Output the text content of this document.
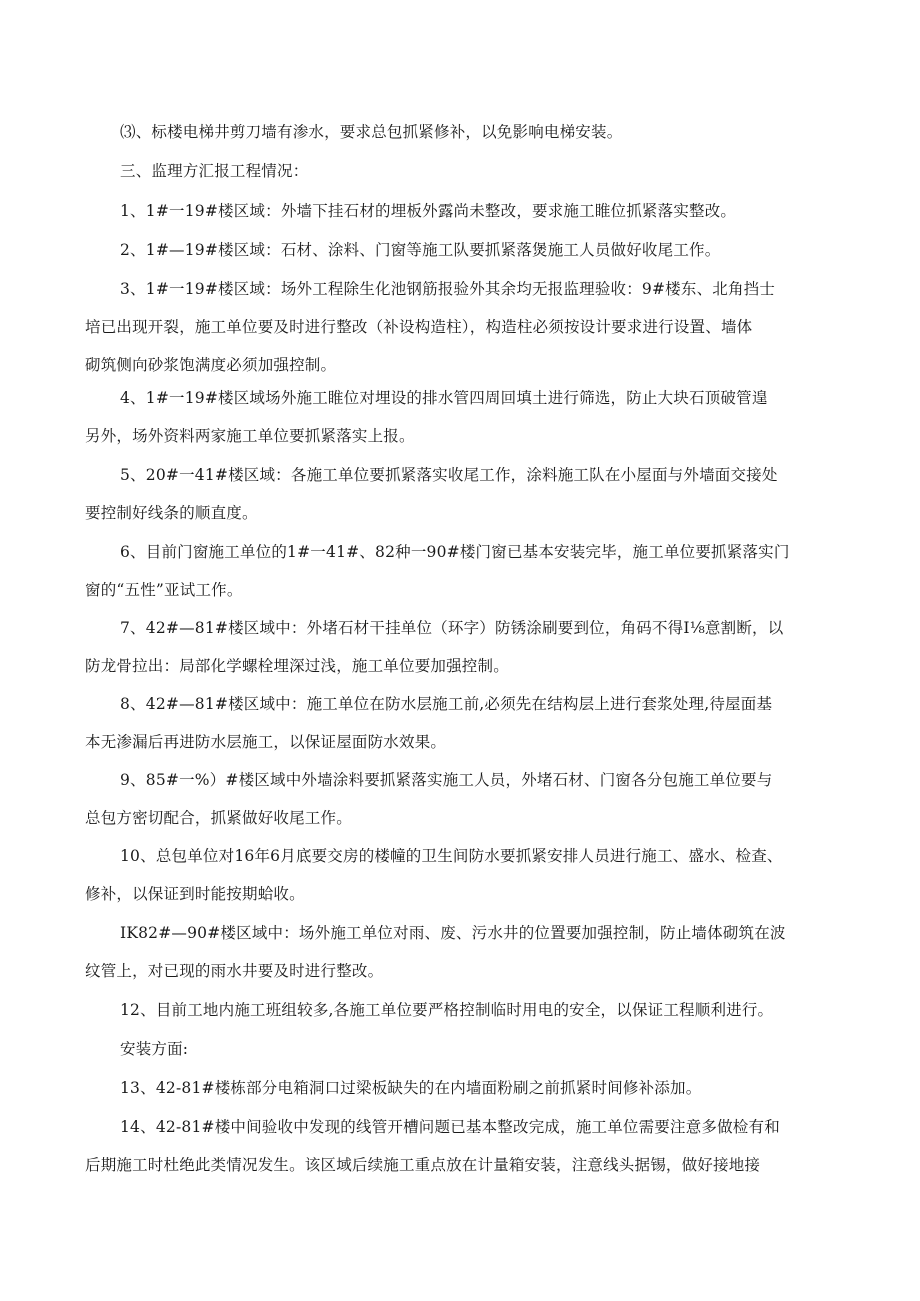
⑶、标楼电梯井剪刀墙有渗水，要求总包抓紧修补，以免影响电梯安装。

三、监理方汇报工程情况：

1、1#一19#楼区域：外墙下挂石材的埋板外露尚未整改，要求施工睢位抓紧落实整改。

2、1#—19#楼区域：石材、涂料、门窗等施工队要抓紧落煲施工人员做好收尾工作。

3、1#一19#楼区域：场外工程除生化池钢筋报验外其余均无报监理验收：9#楼东、北角挡士
培已出现开裂，施工单位要及时进行整改（补设构造柱），构造柱必须按设计要求进行设置、墙体
砌筑侧向砂浆饱满度必须加强控制。

4、1#一19#楼区域场外施工睢位对埋设的排水管四周回填土进行筛选，防止大块石顶破管遑
另外，场外资料两家施工单位要抓紧落实上报。

5、20#一41#楼区域：各施工单位要抓紧落实收尾工作，涂料施工队在小屋面与外墙面交接处
要控制好线条的顺直度。

6、目前门窗施工单位的1#一41#、82种一90#楼门窗已基本安装完毕，施工单位要抓紧落实门
窗的“五性”亚试工作。

7、42#—81#楼区域中：外堵石材干挂单位（环字）防锈涂刷要到位，角码不得I⅛意割断，以
防龙骨拉出：局部化学螺栓埋深过浅，施工单位要加强控制。

8、42#—81#楼区域中：施工单位在防水层施工前,必须先在结构层上进行套浆处理,待屋面基
本无渗漏后再进防水层施工，以保证屋面防水效果。

9、85#一%）#楼区域中外墙涂料要抓紧落实施工人员，外堵石材、门窗各分包施工单位要与
总包方密切配合，抓紧做好收尾工作。

10、总包单位对16年6月底要交房的楼幢的卫生间防水要抓紧安排人员进行施工、盛水、检查、
修补，以保证到时能按期蛤收。

IK82#—90#楼区域中：场外施工单位对雨、废、污水井的位置要加强控制，防止墙体砌筑在波
纹管上，对已现的雨水井要及时进行整改。

12、目前工地内施工班组较多,各施工单位要严格控制临时用电的安全，以保证工程顺利进行。

安装方面:

13、42-81#楼栋部分电箱洞口过梁板缺失的在内墙面粉刷之前抓紧时间修补添加。

14、42-81#楼中间验收中发现的线管开槽问题已基本整改完成，施工单位需要注意多做检有和
后期施工时杜绝此类情况发生。该区域后续施工重点放在计量箱安装，注意线头据锡，做好接地接
